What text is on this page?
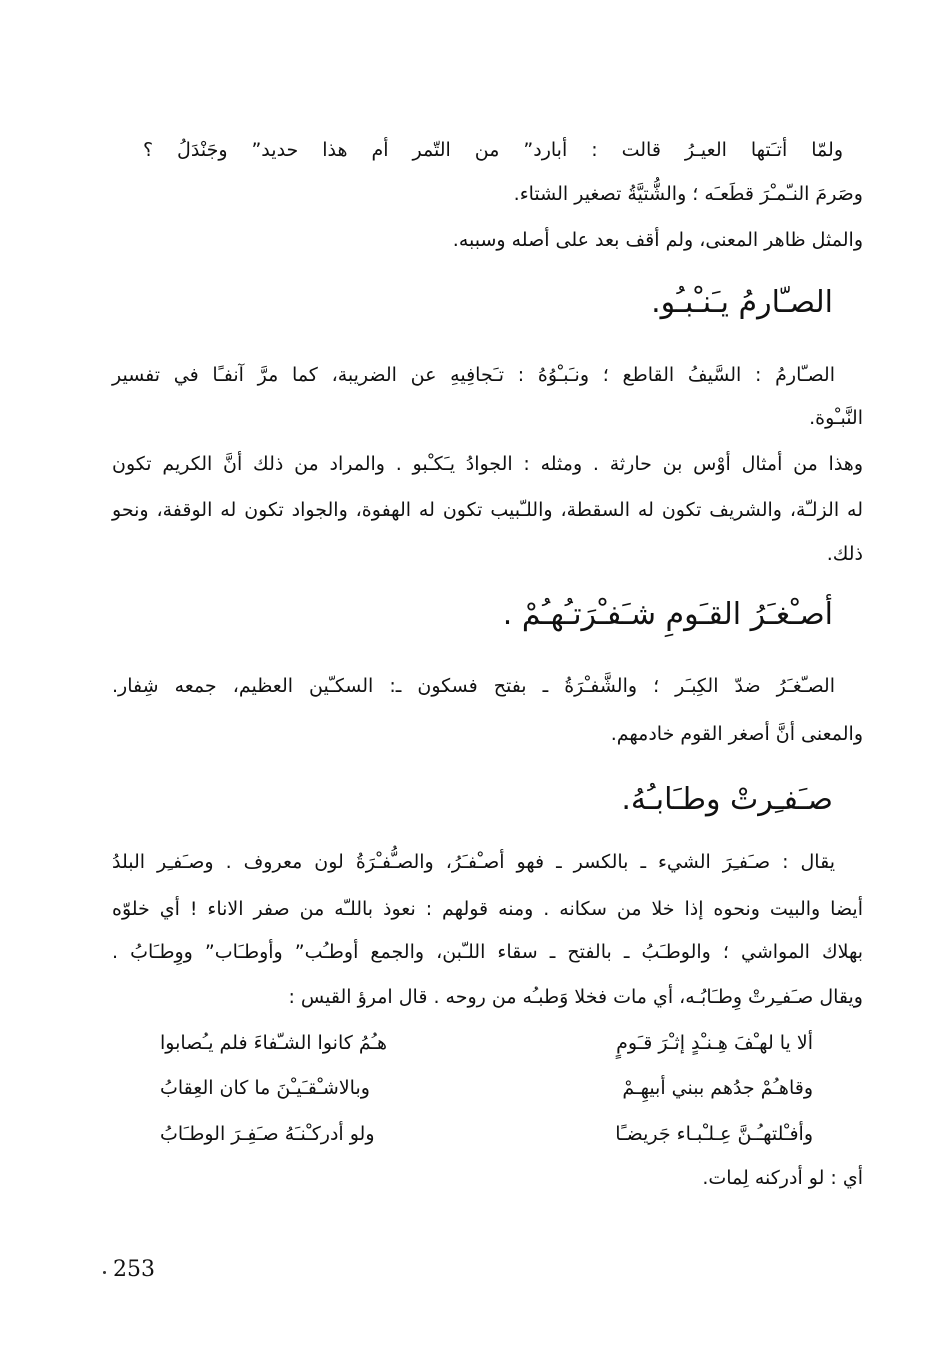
ولمّا أتـَتها العيـرُ قالت : أبارد” من التّمر أم هذا حديد” وجَنْدَلُ ؟
وصَرمَ النـّمـْرَ قطَعـَه ؛ والشُّتيَّةُ تصغير الشتاء.
والمثل ظاهر المعنى، ولم أقف بعد على أصله وسببه.
الصـّارمُ يـَنـْبـُو.
الصـّارمُ : السَّيفُ القاطع ؛ ونـَبـْوُهُ : تـَجافِيهِ عن الضريبة، كما مرَّ آنفـًا في تفسير
النَّبـْوة.
وهذا من أمثال أوْس بن حارثة . ومثله : الجوادُ يـَكـْبو . والمراد من ذلك أنَّ الكريم تكون
له الزلـّة، والشريف تكون له السقطة، واللـّبيب تكون له الهفوة، والجواد تكون له الوقفة، ونحو
ذلك.
أصـْغـَرُ القـَومِ شـَفـْرَتـُهـُمْ .
الصـّغـَرُ ضدّ الكِبـَر ؛ والشَّفـْرَةُ ـ بفتح فسكون ـ: السكـّين العظيم، جمعه شِفار.
والمعنى أنَّ أصغر القوم خادمهم.
صـَفـِرتْ وطـَابـُهُ.
يقال : صـَفـِرَ الشيء ـ بالكسر ـ فهو أصـْفـَرُ، والصـُّفـْرَةُ لون معروف . وصـَفـِر البلدُ
أيضا والبيت ونحوه إذا خلا من سكانه . ومنه قولهم : نعوذ باللـّه من صفر الاناء ! أي خلوّه
بهلاك المواشي ؛ والوطـَبُ ـ بالفتح ـ سقاء اللـّبن، والجمع أوطـُب” وأوطـَاب” ووِطـَابُ .
ويقال صـَفـِرتْ وِطـَابُـه، أي مات فخلا وَطبـُه من روحه . قال امرؤ القيس :
ألا يا لهـْفَ هِـنـْدٍ إثـْرَ قـَومٍ
هـُمُ كانوا الشـّفاءَ فلم يـُصابوا
وقاهـُمْ جدُهم ببني أبيهِـمْ
وبالاشـْقـَيـْنَ ما كان العِقابُ
وأفـْلتهـُـنَّ عِـلـْبـاء جَريضـًا
ولو أدركـْنـَهُ صـَفِـرَ الوطـَابُ
أي : لو أدركنه لِمات.
253
